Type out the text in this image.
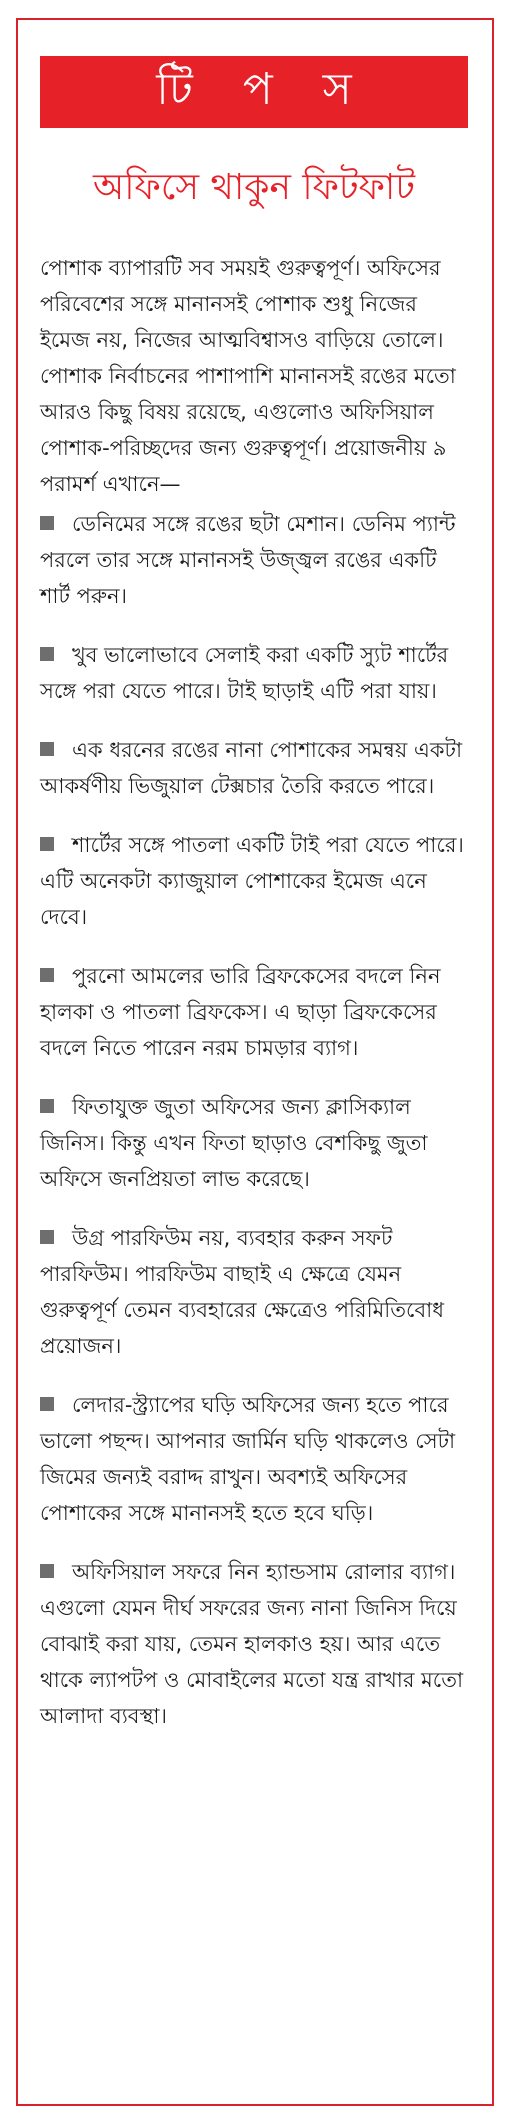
টি প স
অফিসে থাকুন ফিটফাট

পোশাক ব্যাপারটি সব সময়ই গুরুত্বপূর্ণ। অফিসের পরিবেশের সঙ্গে মানানসই পোশাক শুধু নিজের ইমেজ নয়, নিজের আত্মবিশ্বাসও বাড়িয়ে তোলে। পোশাক নির্বাচনের পাশাপাশি মানানসই রঙের মতো আরও কিছু বিষয় রয়েছে, এগুলোও অফিসিয়াল পোশাক-পরিচ্ছদের জন্য গুরুত্বপূর্ণ। প্রয়োজনীয় ৯ পরামর্শ এখানে—

ডেনিমের সঙ্গে রঙের ছটা মেশান। ডেনিম প্যান্ট পরলে তার সঙ্গে মানানসই উজ্জ্বল রঙের একটি শার্ট পরুন।

খুব ভালোভাবে সেলাই করা একটি স্যুট শার্টের সঙ্গে পরা যেতে পারে। টাই ছাড়াই এটি পরা যায়।

এক ধরনের রঙের নানা পোশাকের সমন্বয় একটা আকর্ষণীয় ভিজুয়াল টেক্সচার তৈরি করতে পারে।

শার্টের সঙ্গে পাতলা একটি টাই পরা যেতে পারে। এটি অনেকটা ক্যাজুয়াল পোশাকের ইমেজ এনে দেবে।

পুরনো আমলের ভারি ব্রিফকেসের বদলে নিন হালকা ও পাতলা ব্রিফকেস। এ ছাড়া ব্রিফকেসের বদলে নিতে পারেন নরম চামড়ার ব্যাগ।

ফিতাযুক্ত জুতা অফিসের জন্য ক্লাসিক্যাল জিনিস। কিন্তু এখন ফিতা ছাড়াও বেশকিছু জুতা অফিসে জনপ্রিয়তা লাভ করেছে।

উগ্র পারফিউম নয়, ব্যবহার করুন সফট পারফিউম। পারফিউম বাছাই এ ক্ষেত্রে যেমন গুরুত্বপূর্ণ তেমন ব্যবহারের ক্ষেত্রেও পরিমিতিবোধ প্রয়োজন।

লেদার-স্ট্র্যাপের ঘড়ি অফিসের জন্য হতে পারে ভালো পছন্দ। আপনার জার্মিন ঘড়ি থাকলেও সেটা জিমের জন্যই বরাদ্দ রাখুন। অবশ্যই অফিসের পোশাকের সঙ্গে মানানসই হতে হবে ঘড়ি।

অফিসিয়াল সফরে নিন হ্যান্ডসাম রোলার ব্যাগ। এগুলো যেমন দীর্ঘ সফরের জন্য নানা জিনিস দিয়ে বোঝাই করা যায়, তেমন হালকাও হয়। আর এতে থাকে ল্যাপটপ ও মোবাইলের মতো যন্ত্র রাখার মতো আলাদা ব্যবস্থা।
